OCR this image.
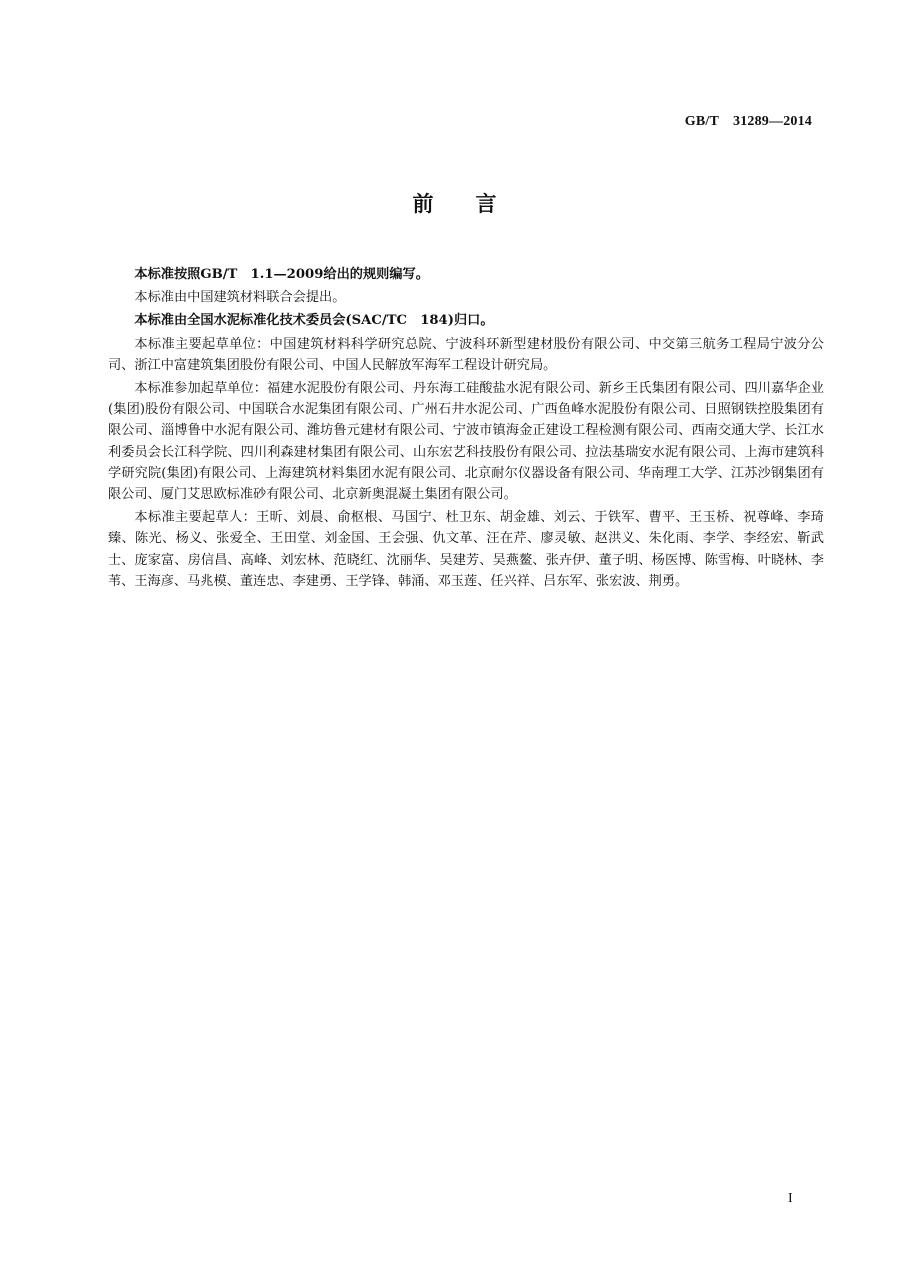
GB/T　31289—2014
前言

本标准按照GB/T　1.1—2009给出的规则编写。

本标准由中国建筑材料联合会提出。

本标准由全国水泥标准化技术委员会(SAC/TC　184)归口。

本标准主要起草单位：中国建筑材料科学研究总院、宁波科环新型建材股份有限公司、中交第三航务工程局宁波分公司、浙江中富建筑集团股份有限公司、中国人民解放军海军工程设计研究局。

本标准参加起草单位：福建水泥股份有限公司、丹东海工硅酸盐水泥有限公司、新乡王氏集团有限公司、四川嘉华企业(集团)股份有限公司、中国联合水泥集团有限公司、广州石井水泥公司、广西鱼峰水泥股份有限公司、日照钢铁控股集团有限公司、淄博鲁中水泥有限公司、潍坊鲁元建材有限公司、宁波市镇海金正建设工程检测有限公司、西南交通大学、长江水利委员会长江科学院、四川利森建材集团有限公司、山东宏艺科技股份有限公司、拉法基瑞安水泥有限公司、上海市建筑科学研究院(集团)有限公司、上海建筑材料集团水泥有限公司、北京耐尔仪器设备有限公司、华南理工大学、江苏沙钢集团有限公司、厦门艾思欧标准砂有限公司、北京新奥混凝土集团有限公司。

本标准主要起草人：王昕、刘晨、俞枢根、马国宁、杜卫东、胡金雄、刘云、于铁军、曹平、王玉桥、祝尊峰、李琦臻、陈光、杨义、张爱全、王田堂、刘金国、王会强、仇文革、汪在芹、廖灵敏、赵洪义、朱化雨、李学、李经宏、靳武士、庞家富、房信昌、高峰、刘宏林、范晓红、沈丽华、吴建芳、吴燕鳌、张卉伊、董子明、杨医博、陈雪梅、叶晓林、李苇、王海彦、马兆模、董连忠、李建勇、王学锋、韩涌、邓玉莲、任兴祥、吕东军、张宏波、荆勇。

I
